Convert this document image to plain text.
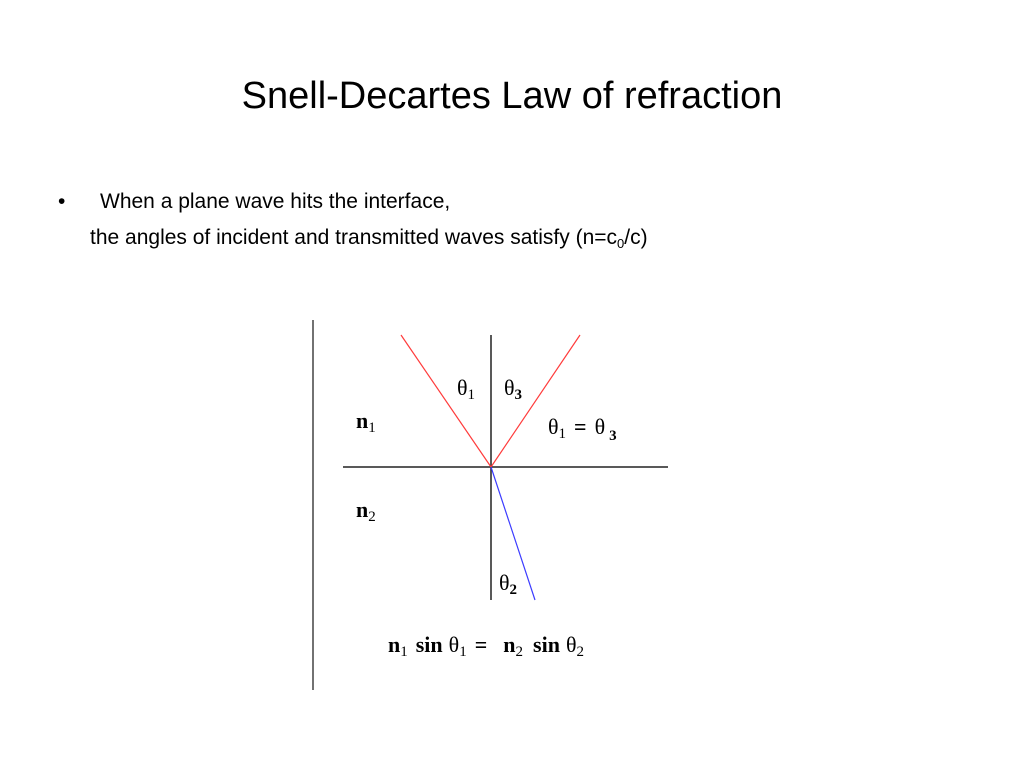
Snell-Decartes Law of refraction
• When a plane wave hits the interface,
the angles of incident and transmitted waves satisfy $(n=c_0/c)$
θ1 θ3
θ1 = θ $_3$
n1
n2
θ2
n1 sin θ1 = n2 sin θ2
